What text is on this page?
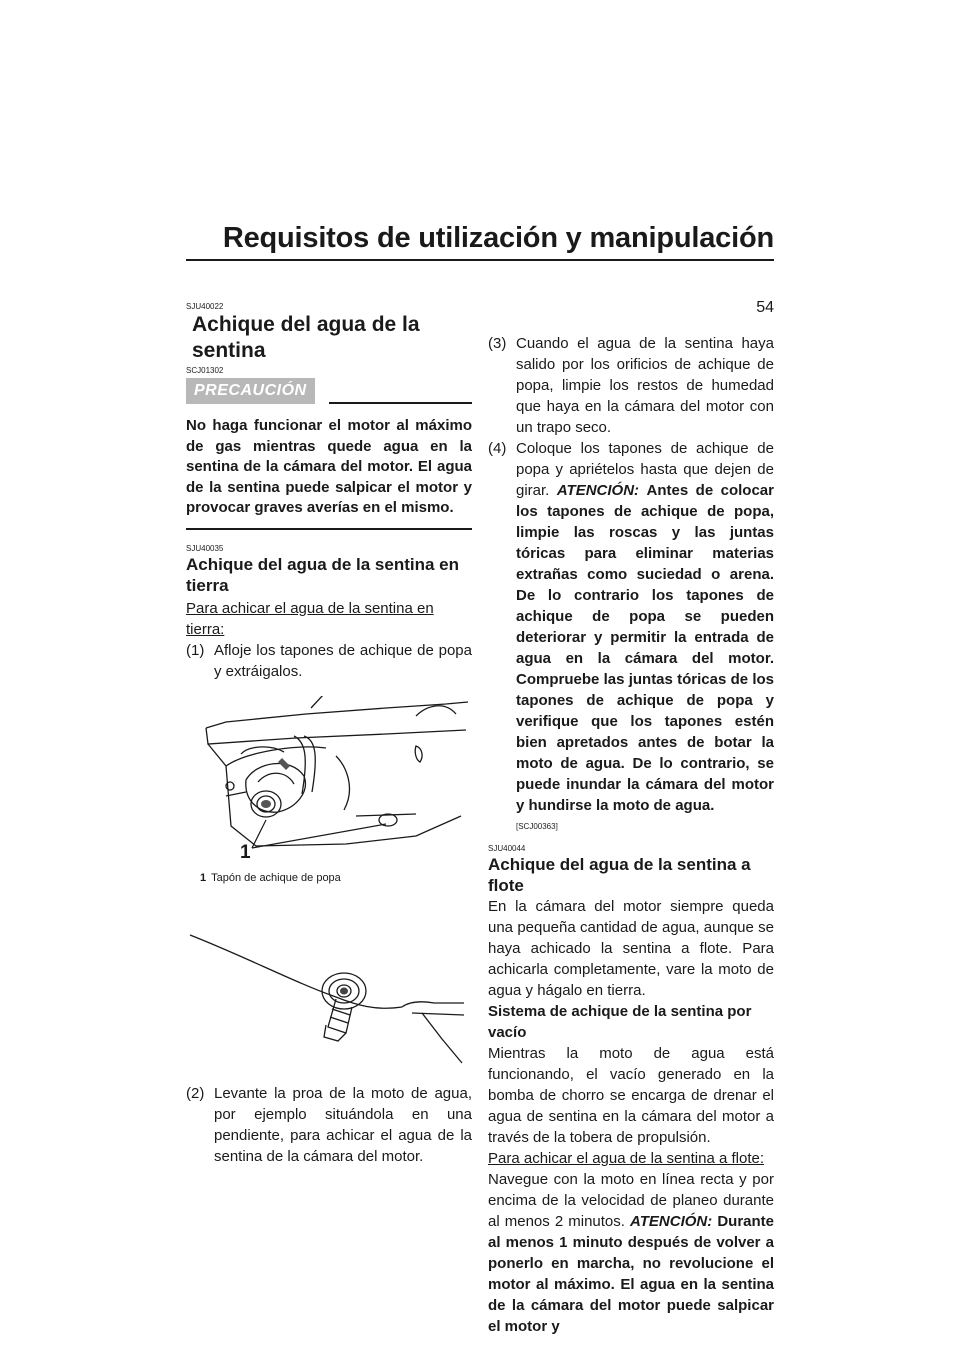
Requisitos de utilización y manipulación
54
SJU40022
Achique del agua de la sentina
SCJ01302
PRECAUCIÓN
No haga funcionar el motor al máximo de gas mientras quede agua en la sentina de la cámara del motor. El agua de la sentina puede salpicar el motor y provocar graves averías en el mismo.
SJU40035
Achique del agua de la sentina en tierra
Para achicar el agua de la sentina en tierra:
(1) Afloje los tapones de achique de popa y extráigalos.
1
1 Tapón de achique de popa
(2) Levante la proa de la moto de agua, por ejemplo situándola en una pendiente, para achicar el agua de la sentina de la cámara del motor.
(3) Cuando el agua de la sentina haya salido por los orificios de achique de popa, limpie los restos de humedad que haya en la cámara del motor con un trapo seco.
(4) Coloque los tapones de achique de popa y apriételos hasta que dejen de girar. ATENCIÓN: Antes de colocar los tapones de achique de popa, limpie las roscas y las juntas tóricas para eliminar materias extrañas como suciedad o arena. De lo contrario los tapones de achique de popa se pueden deteriorar y permitir la entrada de agua en la cámara del motor. Compruebe las juntas tóricas de los tapones de achique de popa y verifique que los tapones estén bien apretados antes de botar la moto de agua. De lo contrario, se puede inundar la cámara del motor y hundirse la moto de agua.
[SCJ00363]
SJU40044
Achique del agua de la sentina a flote
En la cámara del motor siempre queda una pequeña cantidad de agua, aunque se haya achicado la sentina a flote. Para achicarla completamente, vare la moto de agua y hágalo en tierra.
Sistema de achique de la sentina por vacío
Mientras la moto de agua está funcionando, el vacío generado en la bomba de chorro se encarga de drenar el agua de sentina en la cámara del motor a través de la tobera de propulsión.
Para achicar el agua de la sentina a flote:
Navegue con la moto en línea recta y por encima de la velocidad de planeo durante al menos 2 minutos. ATENCIÓN: Durante al menos 1 minuto después de volver a ponerlo en marcha, no revolucione el motor al máximo. El agua en la sentina de la cámara del motor puede salpicar el motor y
